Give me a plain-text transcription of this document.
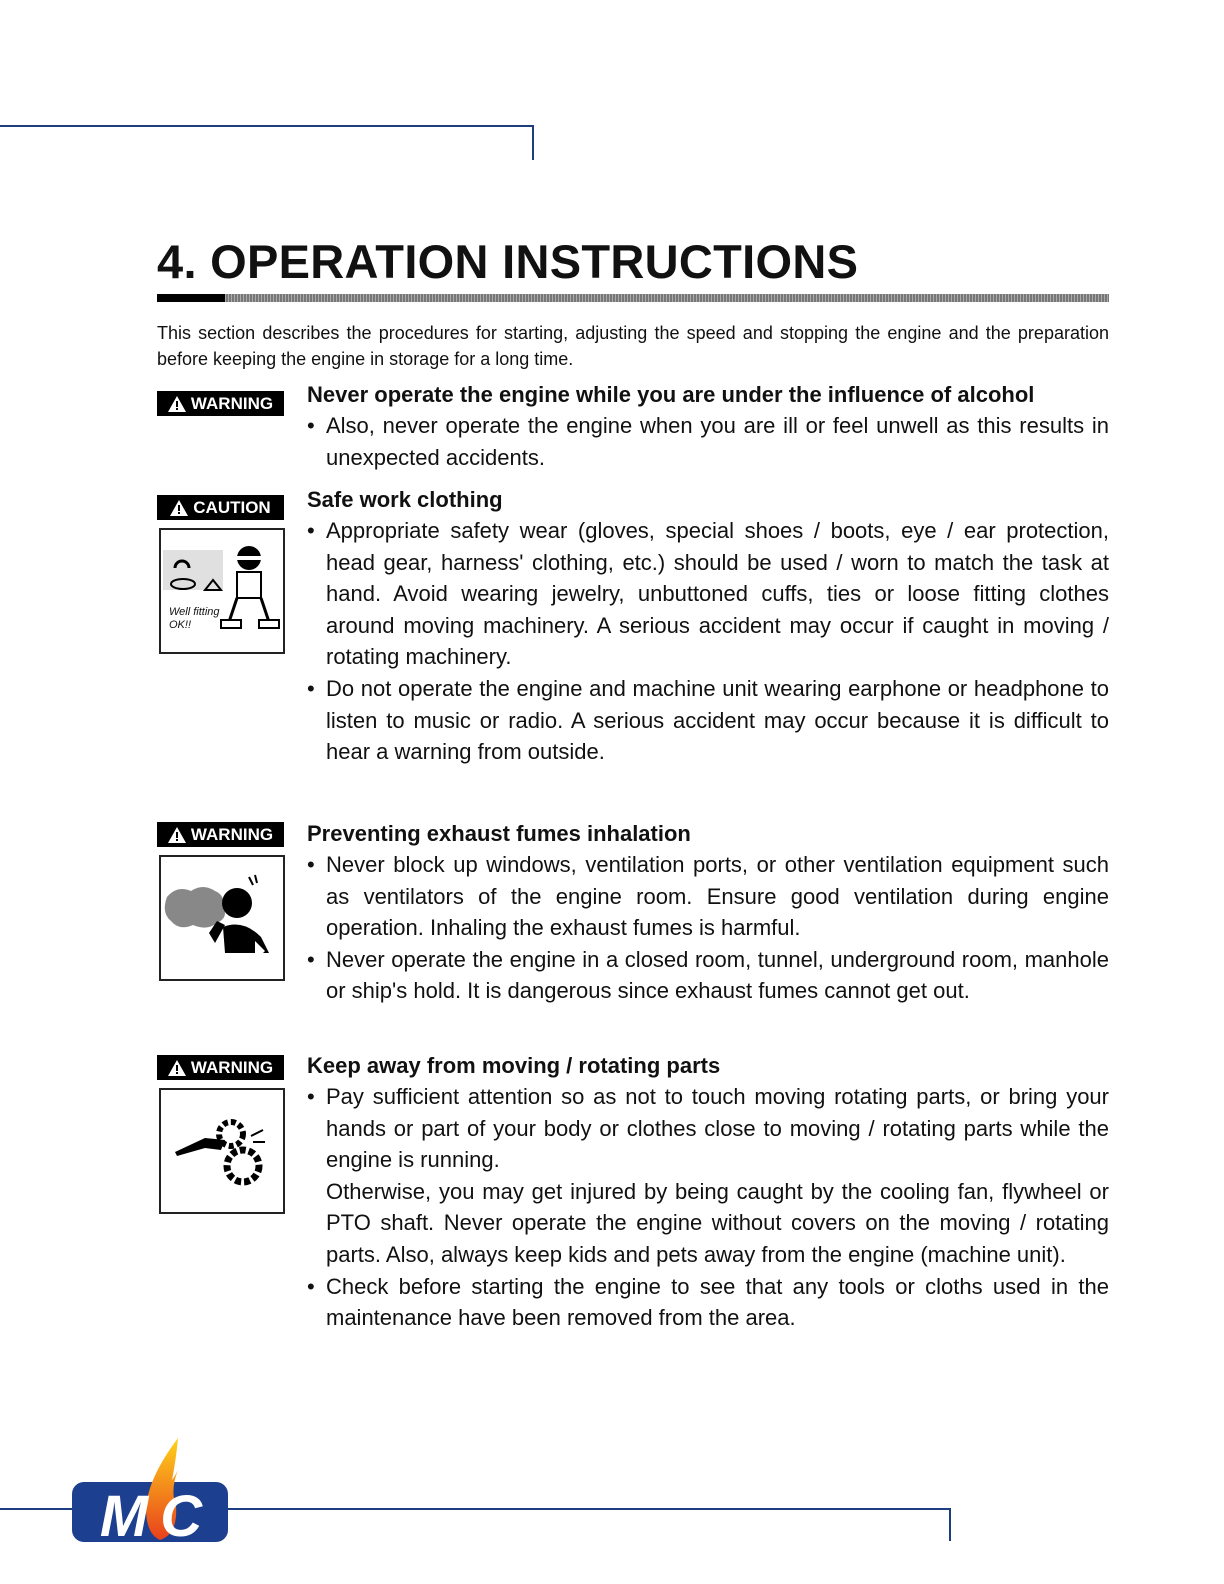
4. OPERATION INSTRUCTIONS
This section describes the procedures for starting, adjusting the speed and stopping the engine and the preparation before keeping the engine in storage for a long time.
WARNING Never operate the engine while you are under the influence of alcohol
• Also, never operate the engine when you are ill or feel unwell as this results in unexpected accidents.

CAUTION
Well fitting OK!!
Safe work clothing
• Appropriate safety wear (gloves, special shoes / boots, eye / ear protection, head gear, harness' clothing, etc.) should be used / worn to match the task at hand. Avoid wearing jewelry, unbuttoned cuffs, ties or loose fitting clothes around moving machinery. A serious accident may occur if caught in moving / rotating machinery.

• Do not operate the engine and machine unit wearing earphone or headphone to listen to music or radio. A serious accident may occur because it is difficult to hear a warning from outside.

WARNING Preventing exhaust fumes inhalation
• Never block up windows, ventilation ports, or other ventilation equipment such as ventilators of the engine room. Ensure good ventilation during engine operation. Inhaling the exhaust fumes is harmful.

• Never operate the engine in a closed room, tunnel, underground room, manhole or ship's hold. It is dangerous since exhaust fumes cannot get out.

WARNING Keep away from moving / rotating parts
• Pay sufficient attention so as not to touch moving rotating parts, or bring your hands or part of your body or clothes close to moving / rotating parts while the engine is running.

Otherwise, you may get injured by being caught by the cooling fan, flywheel or PTO shaft. Never operate the engine without covers on the moving / rotating parts. Also, always keep kids and pets away from the engine (machine unit).

• Check before starting the engine to see that any tools or cloths used in the maintenance have been removed from the area.

M C
